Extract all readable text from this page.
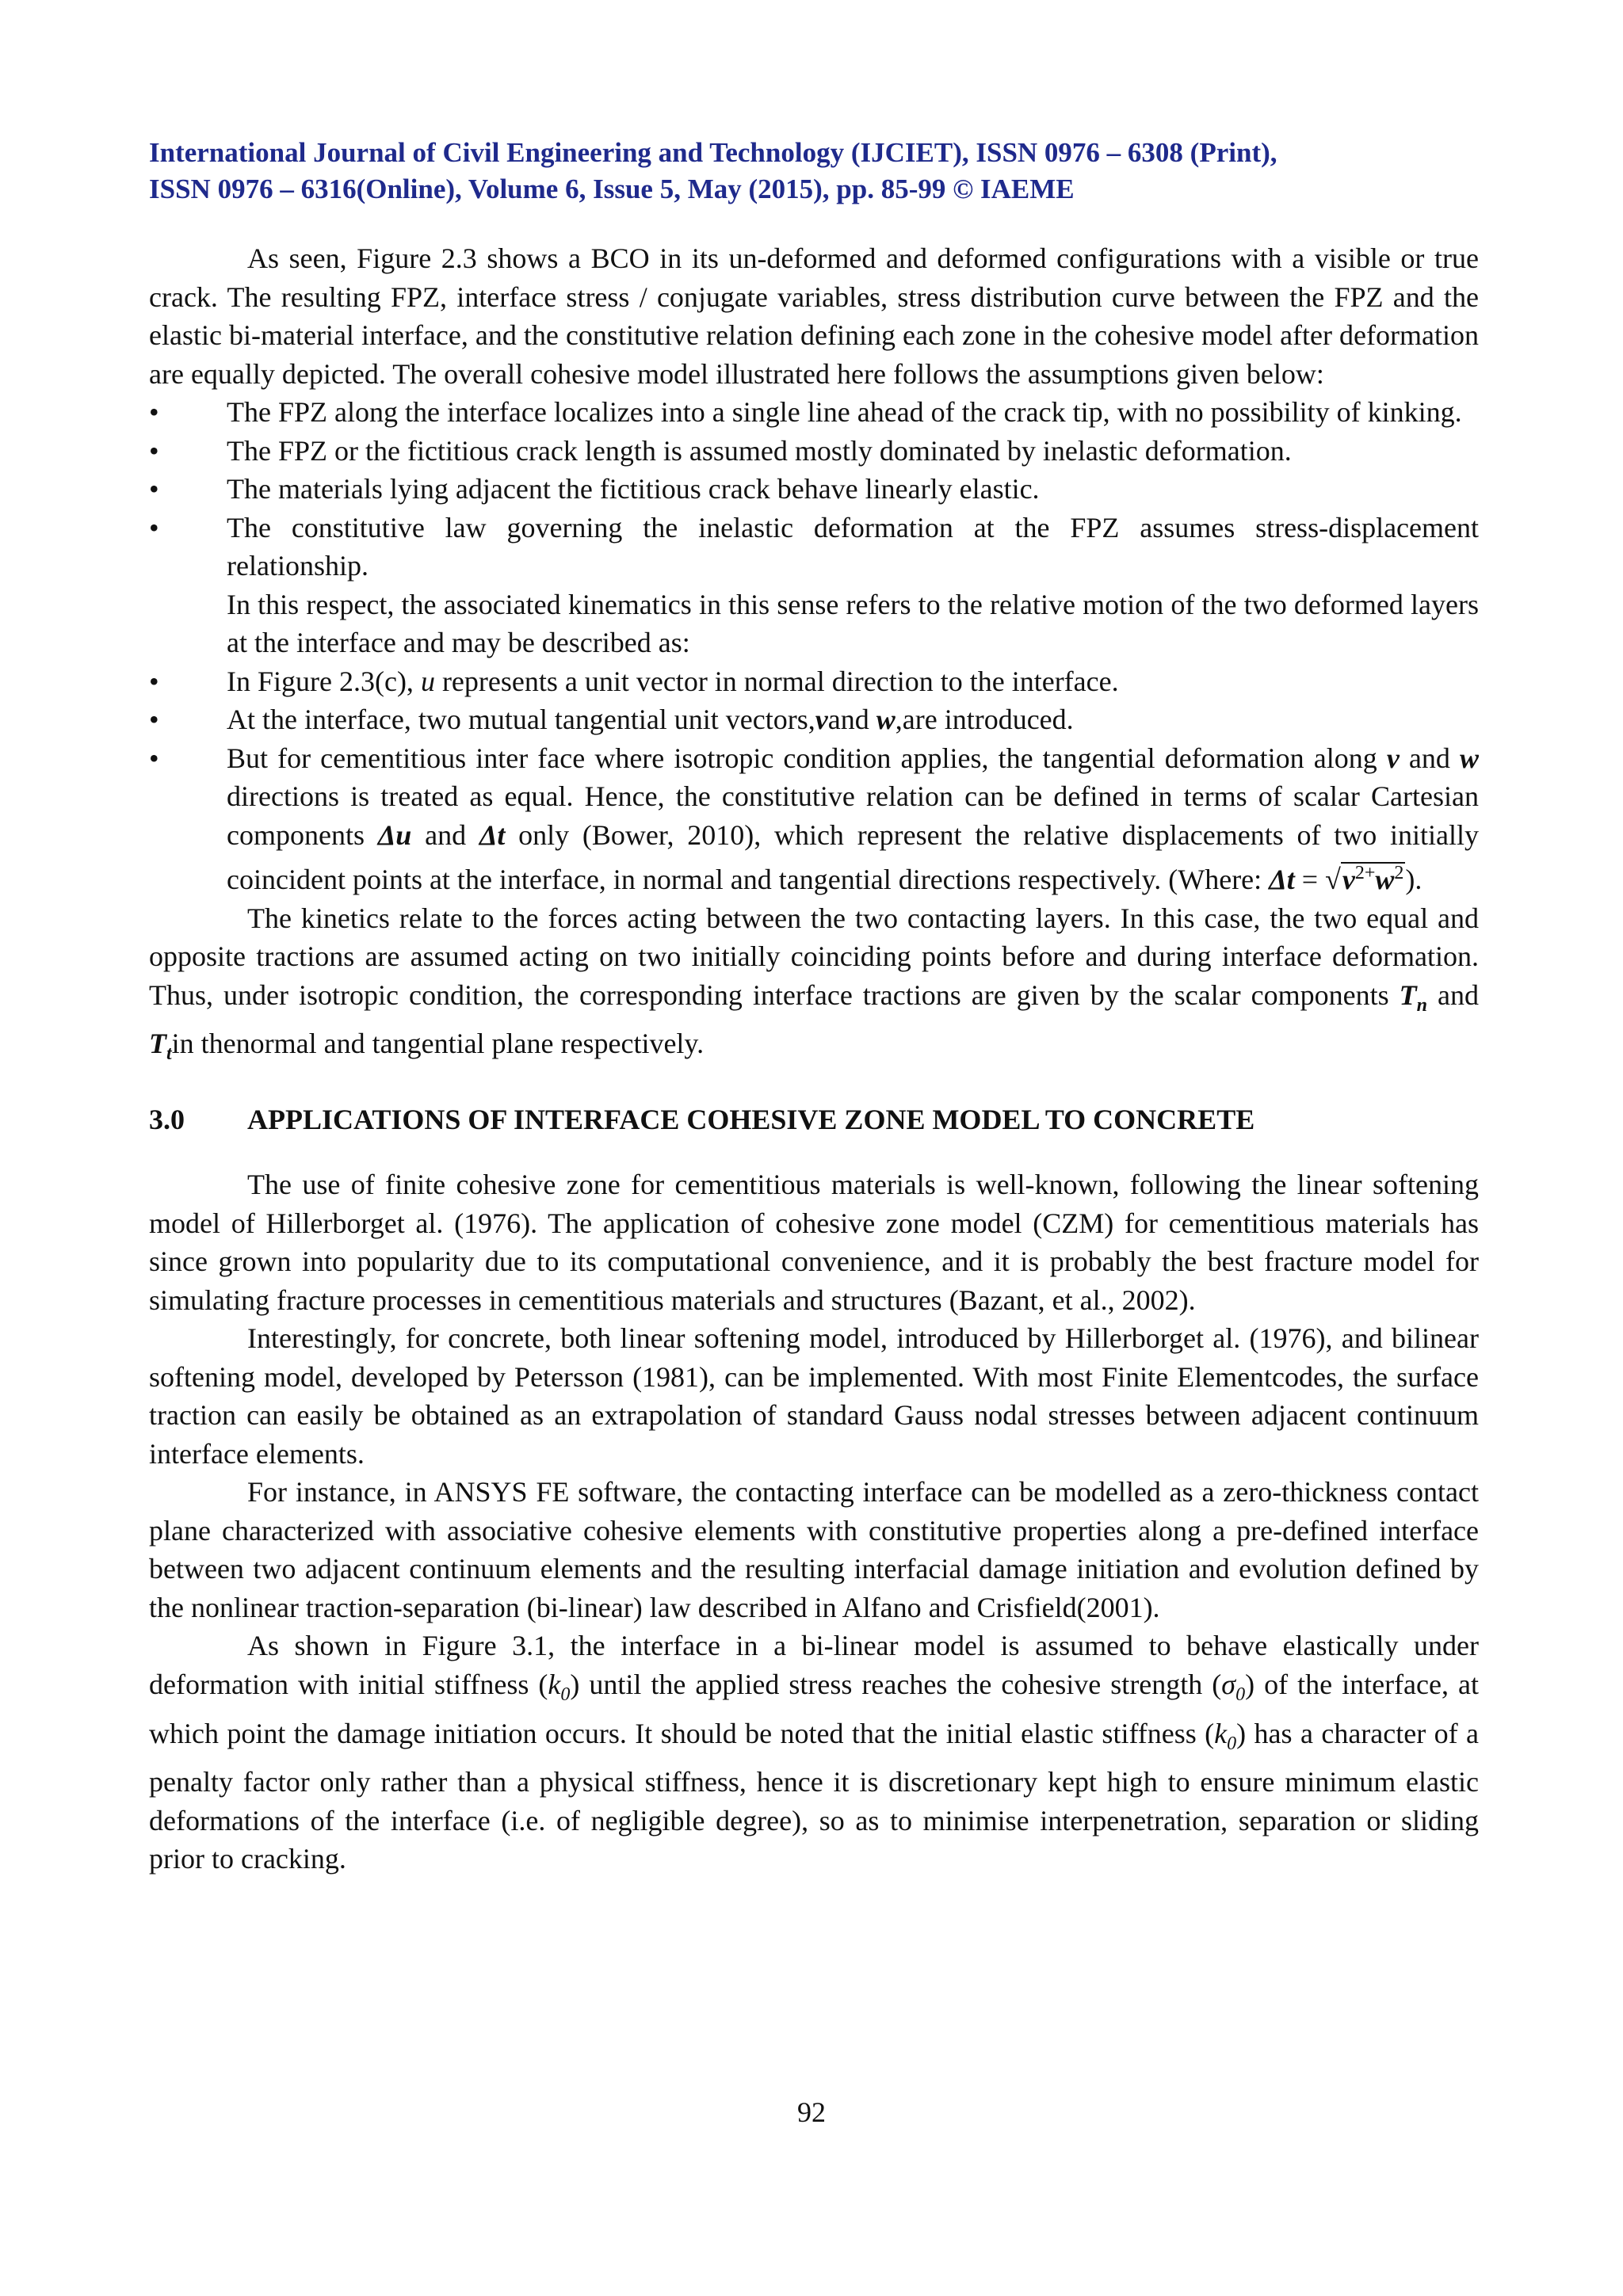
International Journal of Civil Engineering and Technology (IJCIET), ISSN 0976 – 6308 (Print),
ISSN 0976 – 6316(Online), Volume 6, Issue 5, May (2015), pp. 85-99 © IAEME

As seen, Figure 2.3 shows a BCO in its un-deformed and deformed configurations with a visible or true crack. The resulting FPZ, interface stress / conjugate variables, stress distribution curve between the FPZ and the elastic bi-material interface, and the constitutive relation defining each zone in the cohesive model after deformation are equally depicted. The overall cohesive model illustrated here follows the assumptions given below:

• The FPZ along the interface localizes into a single line ahead of the crack tip, with no possibility of kinking.
• The FPZ or the fictitious crack length is assumed mostly dominated by inelastic deformation.
• The materials lying adjacent the fictitious crack behave linearly elastic.
• The constitutive law governing the inelastic deformation at the FPZ assumes stress-displacement relationship.

In this respect, the associated kinematics in this sense refers to the relative motion of the two deformed layers at the interface and may be described as:

• In Figure 2.3(c), u represents a unit vector in normal direction to the interface.
• At the interface, two mutual tangential unit vectors,vand w,are introduced.
• But for cementitious inter face where isotropic condition applies, the tangential deformation along v and w directions is treated as equal. Hence, the constitutive relation can be defined in terms of scalar Cartesian components Δu and Δt only (Bower, 2010), which represent the relative displacements of two initially coincident points at the interface, in normal and tangential directions respectively. (Where: $\Delta t = √v^{2+}w^2$).

The kinetics relate to the forces acting between the two contacting layers. In this case, the two equal and opposite tractions are assumed acting on two initially coinciding points before and during interface deformation. Thus, under isotropic condition, the corresponding interface tractions are given by the scalar components $T_n$ and $T_tin$ thenormal and tangential plane respectively.

3.0 APPLICATIONS OF INTERFACE COHESIVE ZONE MODEL TO CONCRETE

The use of finite cohesive zone for cementitious materials is well-known, following the linear softening model of Hillerborget al. (1976). The application of cohesive zone model (CZM) for cementitious materials has since grown into popularity due to its computational convenience, and it is probably the best fracture model for simulating fracture processes in cementitious materials and structures (Bazant, et al., 2002).

Interestingly, for concrete, both linear softening model, introduced by Hillerborget al. (1976), and bilinear softening model, developed by Petersson (1981), can be implemented. With most Finite Elementcodes, the surface traction can easily be obtained as an extrapolation of standard Gauss nodal stresses between adjacent continuum interface elements.

For instance, in ANSYS FE software, the contacting interface can be modelled as a zero-thickness contact plane characterized with associative cohesive elements with constitutive properties along a pre-defined interface between two adjacent continuum elements and the resulting interfacial damage initiation and evolution defined by the nonlinear traction-separation (bi-linear) law described in Alfano and Crisfield(2001).

As shown in Figure 3.1, the interface in a bi-linear model is assumed to behave elastically under deformation with initial stiffness $(k_0)$ until the applied stress reaches the cohesive strength $(\sigma_0)$ of the interface, at which point the damage initiation occurs. It should be noted that the initial elastic stiffness $(k_0)$ has a character of a penalty factor only rather than a physical stiffness, hence it is discretionary kept high to ensure minimum elastic deformations of the interface (i.e. of negligible degree), so as to minimise interpenetration, separation or sliding prior to cracking.

92
